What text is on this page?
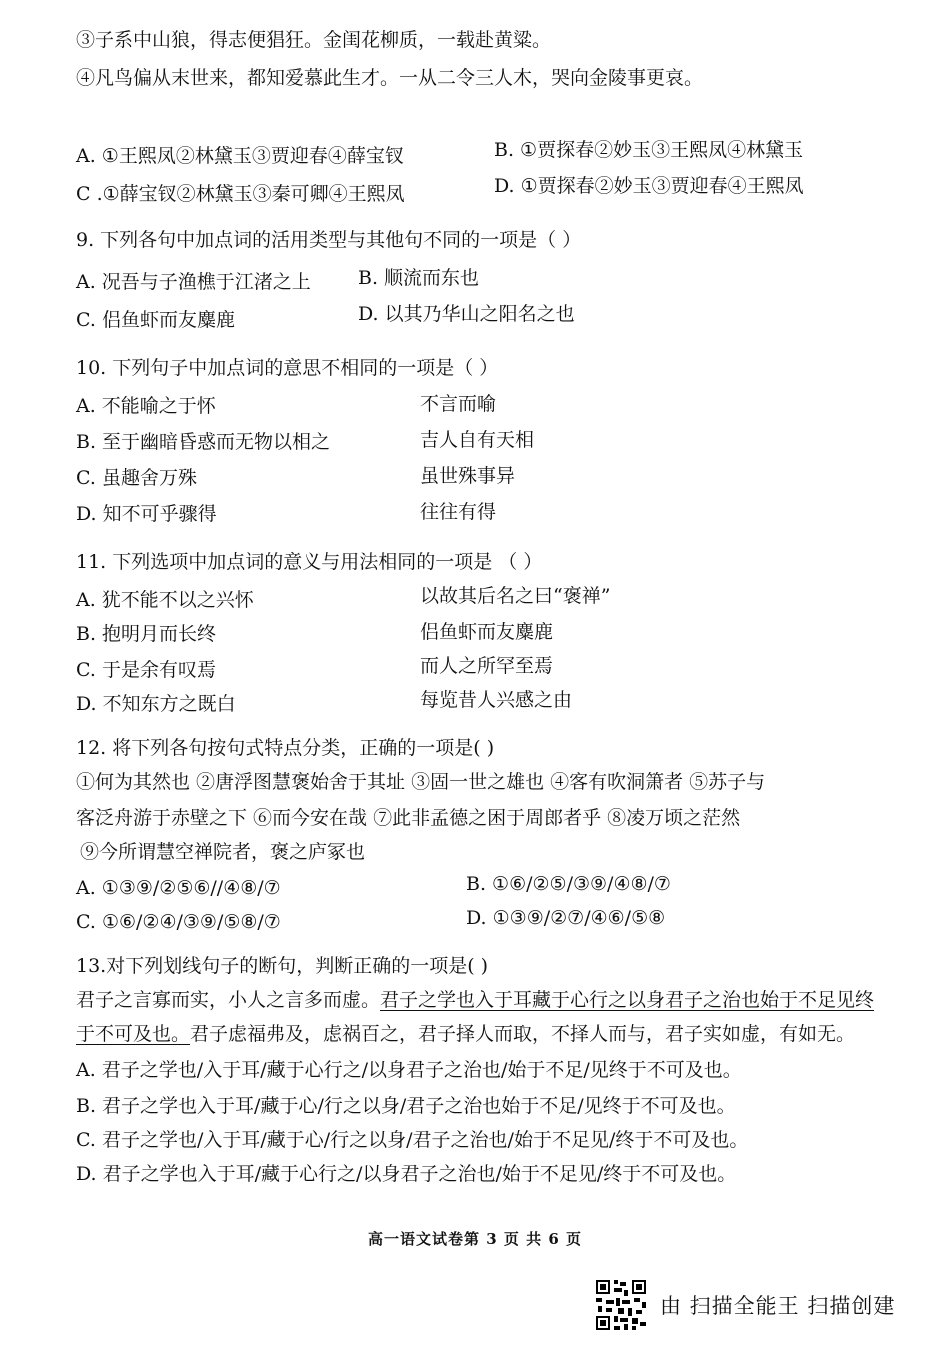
③子系中山狼，得志便猖狂。金闺花柳质，一载赴黄粱。
④凡鸟偏从末世来，都知爱慕此生才。一从二令三人木，哭向金陵事更哀。
A. ①王熙凤②林黛玉③贾迎春④薛宝钗	B. ①贾探春②妙玉③王熙凤④林黛玉
C .①薛宝钗②林黛玉③秦可卿④王熙凤	D. ①贾探春②妙玉③贾迎春④王熙凤
9. 下列各句中加点词的活用类型与其他句不同的一项是（ ）
A. 况吾与子渔樵于江渚之上 B. 顺流而东也
C. 侣鱼虾而友麋鹿	D. 以其乃华山之阳名之也
10. 下列句子中加点词的意思不相同的一项是（ ）
A. 不能喻之于怀	不言而喻
B. 至于幽暗昏惑而无物以相之	吉人自有天相
C. 虽趣舍万殊	虽世殊事异
D. 知不可乎骤得	往往有得
11. 下列选项中加点词的意义与用法相同的一项是 （ ）
A. 犹不能不以之兴怀	以故其后名之曰“褒禅”
B. 抱明月而长终	侣鱼虾而友麋鹿
C. 于是余有叹焉	而人之所罕至焉
D. 不知东方之既白	每览昔人兴感之由
12. 将下列各句按句式特点分类，正确的一项是( )
①何为其然也 ②唐浮图慧褒始舍于其址 ③固一世之雄也 ④客有吹洞箫者 ⑤苏子与
客泛舟游于赤壁之下 ⑥而今安在哉 ⑦此非孟德之困于周郎者乎 ⑧凌万顷之茫然
⑨今所谓慧空禅院者，褒之庐冢也
A. ①③⑨/②⑤⑥//④⑧/⑦	B. ①⑥/②⑤/③⑨/④⑧/⑦
C. ①⑥/②④/③⑨/⑤⑧/⑦	D. ①③⑨/②⑦/④⑥/⑤⑧
13.对下列划线句子的断句，判断正确的一项是( )
君子之言寡而实，小人之言多而虚。君子之学也入于耳藏于心行之以身君子之治也始于不足见终
于不可及也。君子虑福弗及，虑祸百之，君子择人而取，不择人而与，君子实如虚，有如无。
A. 君子之学也/入于耳/藏于心行之/以身君子之治也/始于不足/见终于不可及也。
B. 君子之学也入于耳/藏于心/行之以身/君子之治也始于不足/见终于不可及也。
C. 君子之学也/入于耳/藏于心/行之以身/君子之治也/始于不足见/终于不可及也。
D. 君子之学也入于耳/藏于心行之/以身君子之治也/始于不足见/终于不可及也。
高一语文试卷第 3 页 共 6 页
由 扫描全能王 扫描创建
